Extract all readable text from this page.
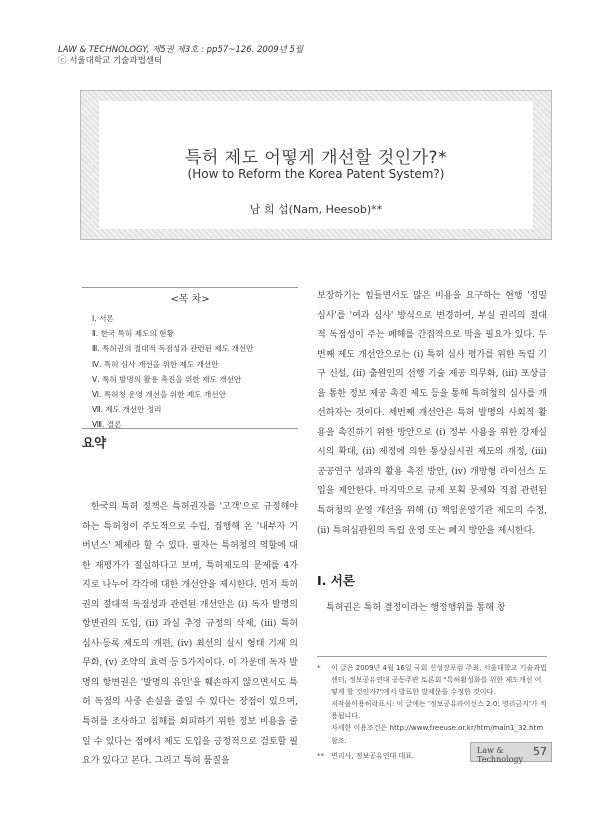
LAW & TECHNOLOGY, 제5권 제3호 : pp57~126. 2009년 5월
ⓒ 서울대학교 기술과법센터
특허 제도 어떻게 개선할 것인가?*
(How to Reform the Korea Patent System?)
남 희 섭(Nam, Heesob)**
<목 차>
Ⅰ. 서론
Ⅱ. 한국 특허 제도의 현황
Ⅲ. 특허권의 절대적 독점성과 관련된 제도 개선안
Ⅳ. 특허 심사 개선을 위한 제도 개선안
Ⅴ. 특허 발명의 활용 촉진을 위한 제도 개선안
Ⅵ. 특허청 운영 개선을 위한 제도 개선안
Ⅶ. 제도 개선안 정리
Ⅷ. 결론
요약

한국의 특허 정책은 특허권자를 '고객'으로 규정해야 하는 특허청이 주도적으로 수립, 집행해 온 '내부자 거버넌스' 체제라 할 수 있다. 필자는 특허청의 역할에 대한 재평가가 절실하다고 보며, 특허제도의 문제를 4가지로 나누어 각각에 대한 개선안을 제시한다. 먼저 특허권의 절대적 독점성과 관련된 개선안은 (i) 독자 발명의 항변권의 도입, (ii) 과실 추정 규정의 삭제, (iii) 특허 심사·등록 제도의 개편, (iv) 최선의 실시 형태 기재 의무화, (v) 조약의 효력 등 5가지이다. 이 가운데 독자 발명의 항변권은 '발명의 유인'을 훼손하지 않으면서도 특허 독점의 사중 손실을 줄일 수 있다는 장점이 있으며, 특허를 조사하고 침해를 회피하기 위한 정보 비용을 줄일 수 있다는 점에서 제도 도입을 긍정적으로 검토할 필요가 있다고 본다. 그리고 특허 품질을

보장하기는 힘들면서도 많은 비용을 요구하는 현행 '정밀 심사'를 '여과 심사' 방식으로 변경하여, 부실 권리의 절대적 독점성이 주는 폐해를 간접적으로 막을 필요가 있다. 두 번째 제도 개선안으로는 (i) 특허 심사 평가를 위한 독립 기구 신설, (ii) 출원인의 선행 기술 제공 의무화, (iii) 포상금을 통한 정보 제공 촉진 제도 등을 통해 특허청의 심사를 개선하자는 것이다. 세번째 개선안은 특허 발명의 사회적 활용을 촉진하기 위한 방안으로 (i) 정부 사용을 위한 강제실시의 확대, (ii) 제정에 의한 통상실시권 제도의 개정, (iii) 공공연구 성과의 활용 촉진 방안, (iv) 개방형 라이선스 도입을 제안한다. 마지막으로 규제 포획 문제와 직접 관련된 특허청의 운영 개선을 위해 (i) 책임운영기관 제도의 수정, (ii) 특허심판원의 독립 운영 또는 폐지 방안을 제시한다.

Ⅰ. 서론

특허권은 특허 결정이라는 행정행위를 통해 창

*	이 글은 2009년 4월 16일 국회 신성장포럼 주최, 서울대학교 기술과법센터, 정보공유연대 공동주관 토론회 "특허활성화를 위한 제도개선 어떻게 할 것인가?"에서 발표한 발제문을 수정한 것이다.
저작물이용허락표시: 이 글에는 '정보공유라이선스 2.0: 영리금지'가 적용됩니다.
자세한 이용조건은 http://www.freeuse.or.kr/htm/main1_32.htm 참조.
**	변리사, 정보공유연대 대표.
Law & Technology
57
